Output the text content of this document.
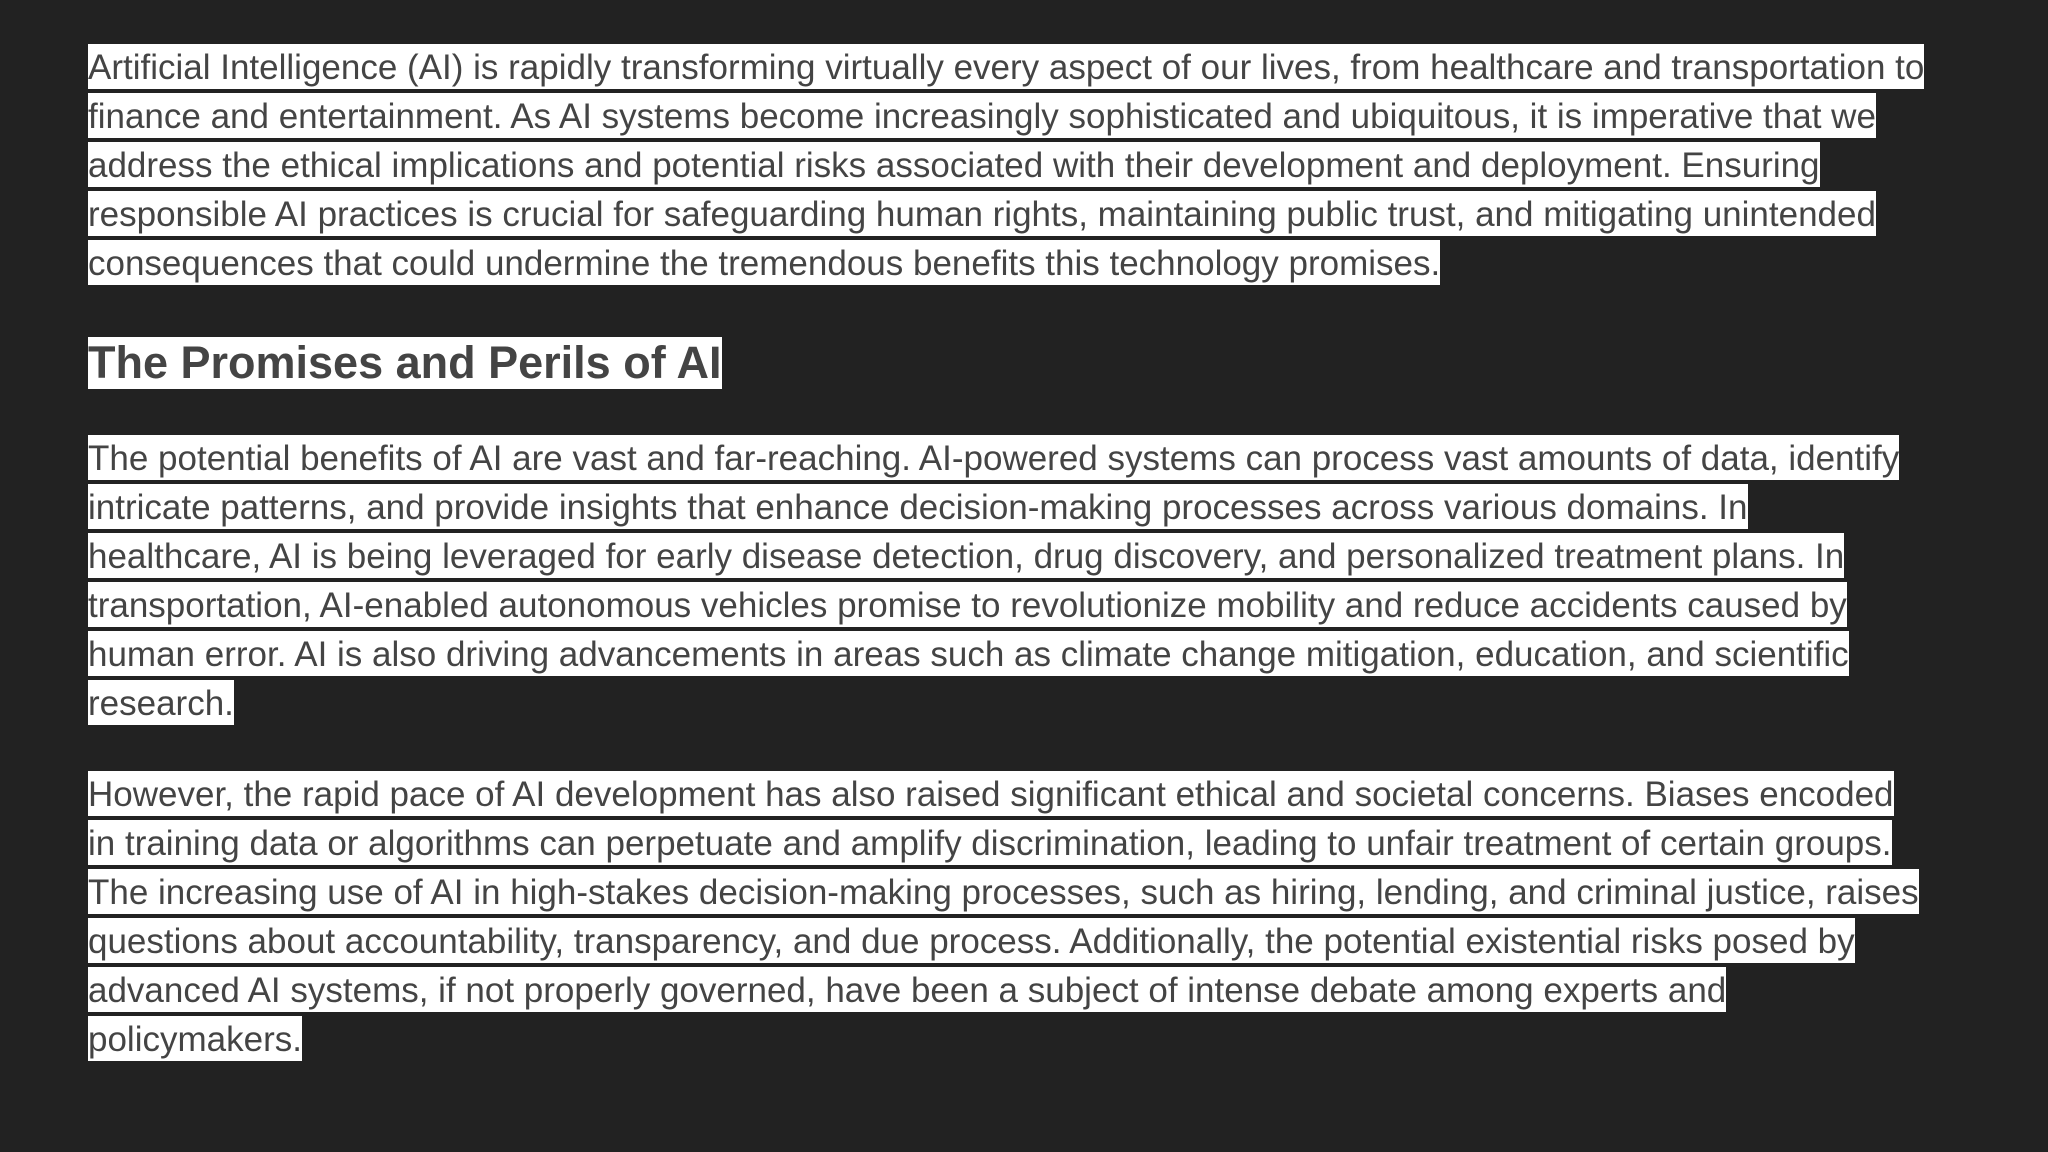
Artificial Intelligence (AI) is rapidly transforming virtually every aspect of our lives, from healthcare and transportation to
finance and entertainment. As AI systems become increasingly sophisticated and ubiquitous, it is imperative that we
address the ethical implications and potential risks associated with their development and deployment. Ensuring
responsible AI practices is crucial for safeguarding human rights, maintaining public trust, and mitigating unintended
consequences that could undermine the tremendous benefits this technology promises.
The Promises and Perils of AI
The potential benefits of AI are vast and far-reaching. AI-powered systems can process vast amounts of data, identify
intricate patterns, and provide insights that enhance decision-making processes across various domains. In
healthcare, AI is being leveraged for early disease detection, drug discovery, and personalized treatment plans. In
transportation, AI-enabled autonomous vehicles promise to revolutionize mobility and reduce accidents caused by
human error. AI is also driving advancements in areas such as climate change mitigation, education, and scientific
research.
However, the rapid pace of AI development has also raised significant ethical and societal concerns. Biases encoded
in training data or algorithms can perpetuate and amplify discrimination, leading to unfair treatment of certain groups.
The increasing use of AI in high-stakes decision-making processes, such as hiring, lending, and criminal justice, raises
questions about accountability, transparency, and due process. Additionally, the potential existential risks posed by
advanced AI systems, if not properly governed, have been a subject of intense debate among experts and
policymakers.
